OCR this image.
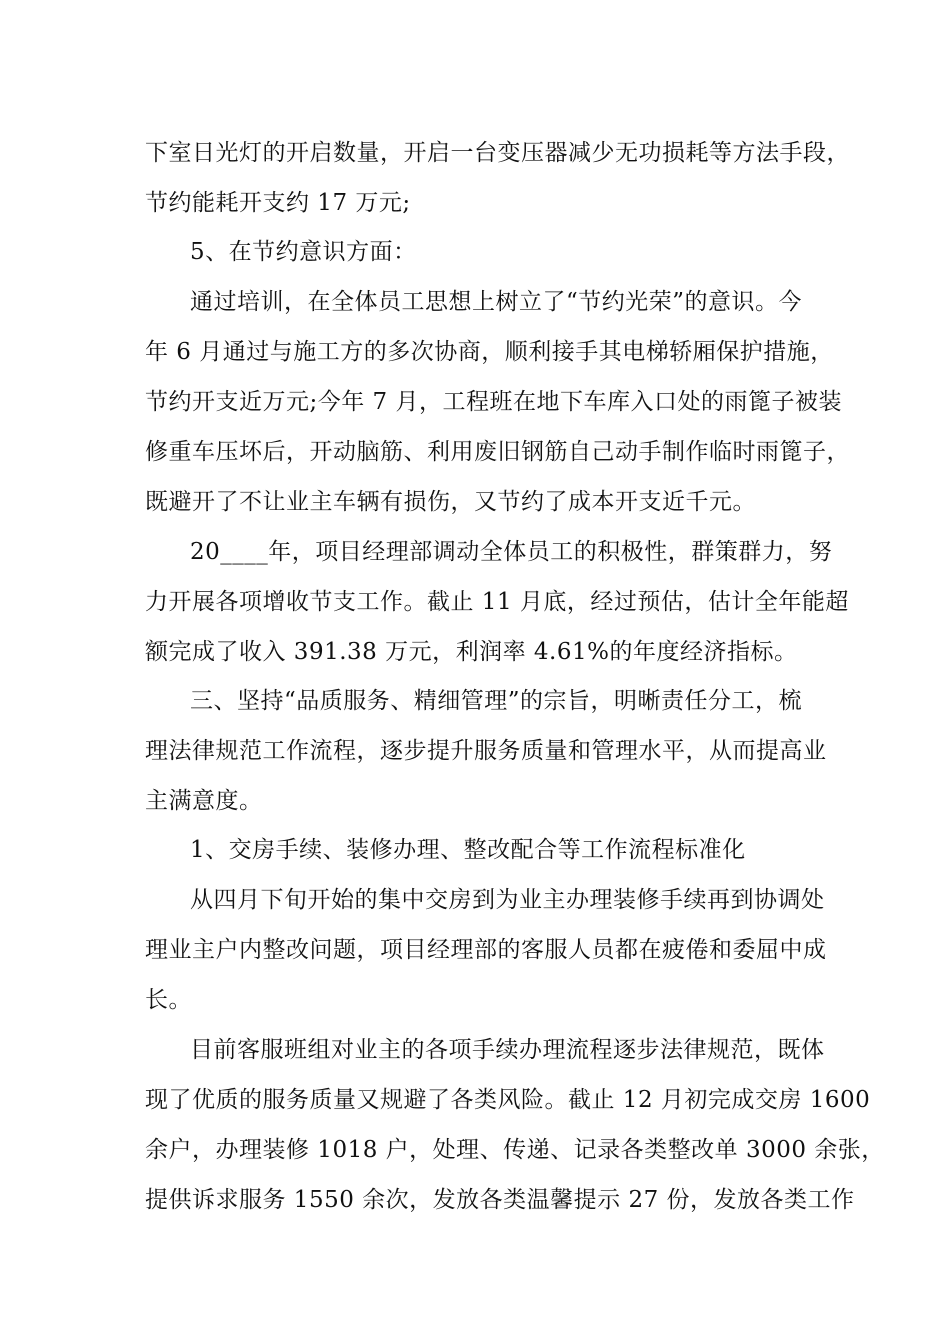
下室日光灯的开启数量，开启一台变压器减少无功损耗等方法手段，
节约能耗开支约 17 万元;
5、在节约意识方面：
通过培训，在全体员工思想上树立了“节约光荣”的意识。今
年 6 月通过与施工方的多次协商，顺利接手其电梯轿厢保护措施，
节约开支近万元;今年 7 月，工程班在地下车库入口处的雨篦子被装
修重车压坏后，开动脑筋、利用废旧钢筋自己动手制作临时雨篦子，
既避开了不让业主车辆有损伤，又节约了成本开支近千元。
20____年，项目经理部调动全体员工的积极性，群策群力，努
力开展各项增收节支工作。截止 11 月底，经过预估，估计全年能超
额完成了收入 391.38 万元，利润率 4.61%的年度经济指标。
三、坚持“品质服务、精细管理”的宗旨，明晰责任分工，梳
理法律规范工作流程，逐步提升服务质量和管理水平，从而提高业
主满意度。
1、交房手续、装修办理、整改配合等工作流程标准化
从四月下旬开始的集中交房到为业主办理装修手续再到协调处
理业主户内整改问题，项目经理部的客服人员都在疲倦和委屈中成
长。
目前客服班组对业主的各项手续办理流程逐步法律规范，既体
现了优质的服务质量又规避了各类风险。截止 12 月初完成交房 1600
余户，办理装修 1018 户，处理、传递、记录各类整改单 3000 余张，
提供诉求服务 1550 余次，发放各类温馨提示 27 份，发放各类工作
